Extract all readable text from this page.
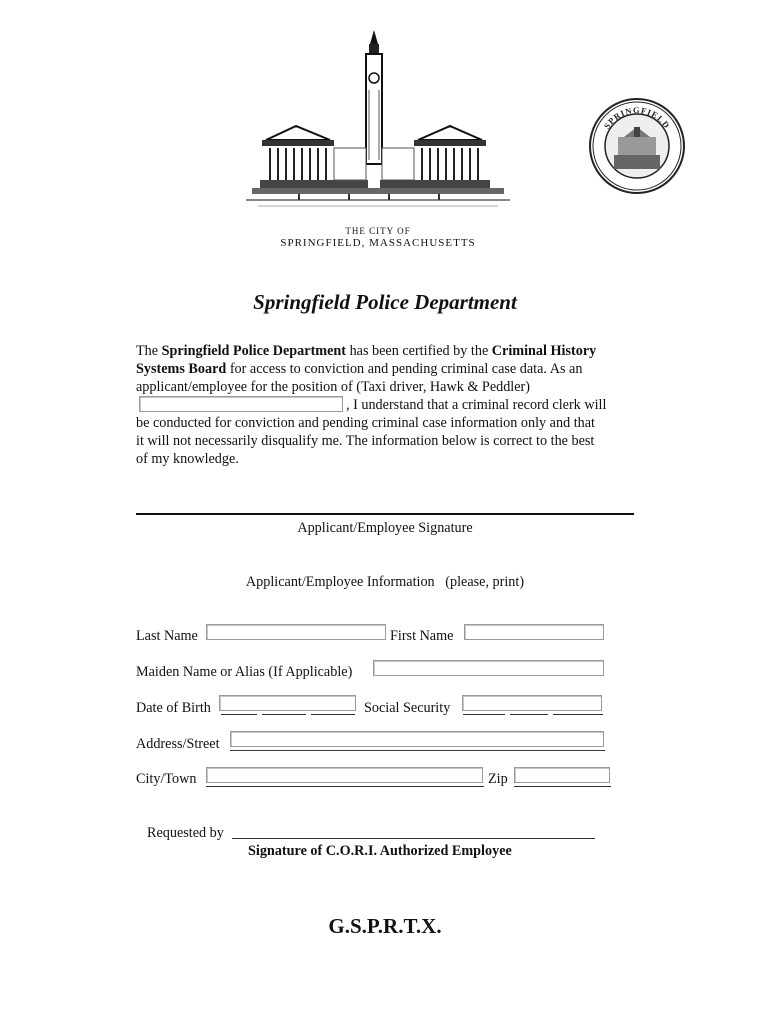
THE CITY OF
SPRINGFIELD, MASSACHUSETTS
SPRINGFIELD
Springfield Police Department
The Springfield Police Department has been certified by the Criminal History
Systems Board for access to conviction and pending criminal case data. As an
applicant/employee for the position of (Taxi driver, Hawk & Peddler)
, I understand that a criminal record clerk will
be conducted for conviction and pending criminal case information only and that
it will not necessarily disqualify me. The information below is correct to the best
of my knowledge.
Applicant/Employee Signature
Applicant/Employee Information   (please, print)
Last Name	First Name
Maiden Name or Alias (If Applicable)
Date of Birth	Social Security
Address/Street
City/Town	Zip
Requested by
Signature of C.O.R.I. Authorized Employee
G.S.P.R.T.X.
